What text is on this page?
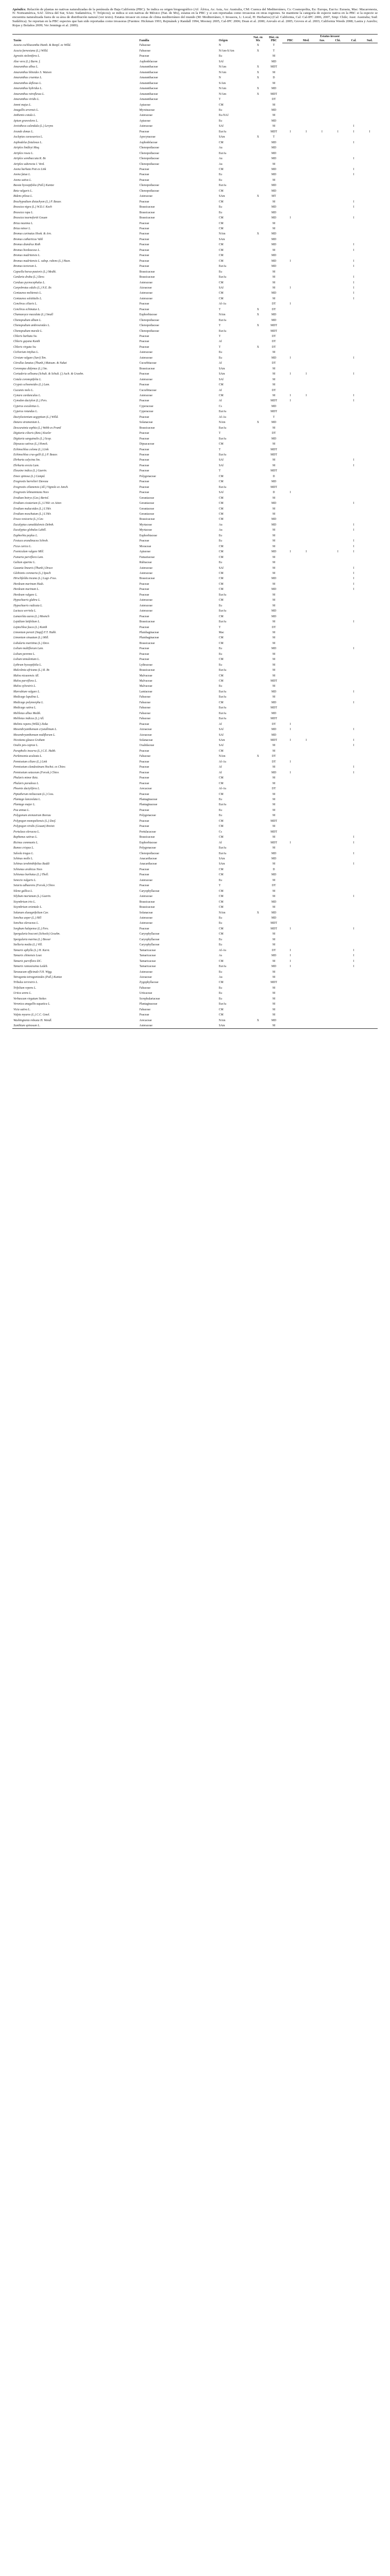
Apéndice. Relación de plantas no nativas naturalizadas de la península de Baja California (PBC). Se indica su origen biogeográfico (Af: África, As: Asia, Au: Australia, CM: Cuenca del Mediterráneo, Cs: Cosmopolita, Eu: Europa, EurAs: Eurasia, Mac: Macaronesia, N: Norteamérica, SAf: África del Sur, SAm: Sudamérica, T: Trópicos); se indica si son nativas de México (Nat. de Mx), estatus en la PBC y si son reportadas como invasoras en otras regiones. Se mantiene la categoría de especie nativa en la PBC si la especie se encuentra naturalizada fuera de su área de distribución natural (ver texto). Estatus invasor en zonas de clima mediterráneo del mundo (M: Mediterráneo, I: Invasora, L: Local, H: Herbarios) (Cal: California, Cal: Cal-IPC 2006, 2007, Sinp: Chile; Aust: Australia; Sud: Sudáfrica). Se reportan en la PBC especies que han sido reportadas como invasoras (Fuentes: Hickman 1993, Rejmánek y Randall 1994, Mooney 2005, Cal-IPC 2006; Dean et al. 2000; Arevalo et al. 2005; Groves et al. 2003; California Weeds 2008; Lastra y Aurelio; Rojas y Bolaños 2009; Ver Jennings et al. 2009).

Taxón	Familia	Origen	Nat. en Mx	Dist. en PBC	Estatus invasor					
					PBC	Med.	Aus.	Chi.	Cal.	Sud.
Acacia cochliacantha Humb. & Bonpl. ex Willd.	Fabaceae	N	X	T						
Acacia farnesiana (L.) Willd.	Fabaceae	N/Am-S/Am	X	T						
Agrostis stolonifera L.	Poaceae	Eu		M						
Aloe vera (L.) Burm. f.	Asphodelaceae	SAf		MD						
Amaranthus albus L.	Amaranthaceae	N/Am	X	MDT						
Amaranthus blitoides S. Watson	Amaranthaceae	N/Am	X	M						
Amaranthus cruentus L.	Amaranthaceae	N	X	D						
Amaranthus deflexus L.	Amaranthaceae	S/Am		M						
Amaranthus hybridus L.	Amaranthaceae	N/Am	X	MD						
Amaranthus retroflexus L.	Amaranthaceae	N/Am	X	MDT						
Amaranthus viridis L.	Amaranthaceae	T		DT						
Ammi majus L.	Apiaceae	CM		M						
Anagallis arvensis L.	Myrsinaceae	Eu		MD						
Anthemis cotula L.	Asteraceae	Eu-NAf		M						
Apium graveolens L.	Apiaceae	Eu		MD						
Arctotheca calendula (L.) Levyns	Asteraceae	SAf		M					I	
Arundo donax L.	Poaceae	EurAs		MDT	I	I	I	I	I	I
Asclepias curassavica L.	Apocynaceae	SAm	X	T						
Asphodelus fistulosus L.	Asphodelaceae	CM		MD					I	
Atriplex lindleyi Moq.	Chenopodiaceae	Au		MD						
Atriplex rosea L.	Chenopodiaceae	EurAs		MD						
Atriplex semibaccata R. Br.	Chenopodiaceae	Au		MD					I	
Atriplex suberecta I. Verd.	Chenopodiaceae	Au		M						
Avena barbata Pott ex Link	Poaceae	CM		MD					I	
Avena fatua L.	Poaceae	Eu		MD					I	
Avena sativa L.	Poaceae	Eu		M						
Bassia hyssopifolia (Pall.) Kuntze	Chenopodiaceae	EurAs		MD						
Beta vulgaris L.	Chenopodiaceae	CM		MD						
Bidens pilosa L.	Asteraceae	SAm	X	MT						
Brachypodium distachyon (L.) P. Beauv.	Poaceae	CM		M					I	
Brassica nigra (L.) W.D.J. Koch	Brassicaceae	Eu		MD					I	
Brassica rapa L.	Brassicaceae	Eu		MD						
Brassica tournefortii Gouan	Brassicaceae	CM		MD	I				I	
Briza maxima L.	Poaceae	CM		M						
Briza minor L.	Poaceae	CM		M						
Bromus carinatus Hook. & Arn.	Poaceae	NAm	X	MD						
Bromus catharticus Vahl	Poaceae	SAm		MD						
Bromus diandrus Roth	Poaceae	CM		MD					I	
Bromus hordeaceus L.	Poaceae	CM		M					I	
Bromus madritensis L.	Poaceae	CM		MD						
Bromus madritensis L. subsp. rubens (L.) Husn.	Poaceae	CM		MD	I				I	
Bromus tectorum L.	Poaceae	EurAs		MD					I	
Capsella bursa-pastoris (L.) Medik.	Brassicaceae	Eu		M						
Cardaria draba (L.) Desv.	Brassicaceae	EurAs		M					I	
Carduus pycnocephalus L.	Asteraceae	CM		M					I	
Carpobrotus edulis (L.) N.E. Br.	Aizoaceae	SAf		M	I				I	
Centaurea melitensis L.	Asteraceae	CM		MD					I	
Centaurea solstitialis L.	Asteraceae	CM		M					I	
Cenchrus ciliaris L.	Poaceae	Af-As		DT	I					
Cenchrus echinatus L.	Poaceae	T	X	DT						
Chamaesyce maculata (L.) Small	Euphorbiaceae	NAm	X	MD						
Chenopodium album L.	Chenopodiaceae	EurAs		MD						
Chenopodium ambrosioides L.	Chenopodiaceae	T	X	MDT						
Chenopodium murale L.	Chenopodiaceae	EurAs		MDT						
Chloris barbata Sw.	Poaceae	T		DT						
Chloris gayana Kunth	Poaceae	Af		DT						
Chloris virgata Sw.	Poaceae	T	X	DT						
Cichorium intybus L.	Asteraceae	Eu		M						
Cirsium vulgare (Savi) Ten.	Asteraceae	Eu		MD	I				I	
Citrullus lanatus (Thunb.) Matsum. & Nakai	Cucurbitaceae	Af		DT						
Coronopus didymus (L.) Sm.	Brassicaceae	SAm		M						
Cortaderia selloana (Schult. & Schult. f.) Asch. & Graebn.	Poaceae	SAm		M	I	I			I	
Cotula coronopifolia L.	Asteraceae	SAf		M						
Crypsis schoenoides (L.) Lam.	Poaceae	CM		M						
Cucumis melo L.	Cucurbitaceae	Af		DT						
Cynara cardunculus L.	Asteraceae	CM		M	I	I			I	
Cynodon dactylon (L.) Pers.	Poaceae	Af		MDT	I				I	
Cyperus esculentus L.	Cyperaceae	Cs		MD						
Cyperus rotundus L.	Cyperaceae	EurAs		MDT						
Dactyloctenium aegyptium (L.) Willd.	Poaceae	Af-As		T						
Datura stramonium L.	Solanaceae	NAm	X	MD						
Descurainia sophia (L.) Webb ex Prantl	Brassicaceae	EurAs		M						
Digitaria ciliaris (Retz.) Koeler	Poaceae	T		DT						
Digitaria sanguinalis (L.) Scop.	Poaceae	EurAs		MD						
Dipsacus sativus (L.) Honck.	Dipsacaceae	CM		M						
Echinochloa colona (L.) Link	Poaceae	T		MDT						
Echinochloa crus-galli (L.) P. Beauv.	Poaceae	EurAs		MDT						
Ehrharta calycina Sm.	Poaceae	SAf		M					I	
Ehrharta erecta Lam.	Poaceae	SAf		M					I	
Eleusine indica (L.) Gaertn.	Poaceae	T		MDT						
Emex spinosa (L.) Campd.	Polygonaceae	CM		D						
Eragrostis barrelieri Daveau	Poaceae	CM		MD						
Eragrostis cilianensis (All.) Vignolo ex Janch.	Poaceae	EurAs		MDT						
Eragrostis lehmanniana Nees	Poaceae	SAf		D	I					
Erodium botrys (Cav.) Bertol.	Geraniaceae	CM		M						
Erodium cicutarium (L.) L'Hér. ex Aiton	Geraniaceae	CM		MD					I	
Erodium malacoides (L.) L'Hér.	Geraniaceae	CM		M						
Erodium moschatum (L.) L'Hér.	Geraniaceae	CM		M						
Eruca vesicaria (L.) Cav.	Brassicaceae	CM		MD						
Eucalyptus camaldulensis Dehnh.	Myrtaceae	Au		MD					I	
Eucalyptus globulus Labill.	Myrtaceae	Au		M					I	
Euphorbia peplus L.	Euphorbiaceae	Eu		M						
Festuca arundinacea Schreb.	Poaceae	Eu		M					I	
Ficus carica L.	Moraceae	CM		M					I	
Foeniculum vulgare Mill.	Apiaceae	CM		MD	I	I		I	I	
Fumaria parviflora Lam.	Fumariaceae	CM		M						
Galium aparine L.	Rubiaceae	Eu		M						
Gazania linearis (Thunb.) Druce	Asteraceae	SAf		M					I	
Glebionis coronaria (L.) Spach	Asteraceae	CM		M					I	
Hirschfeldia incana (L.) Lagr.-Foss.	Brassicaceae	CM		MD					I	
Hordeum marinum Huds.	Poaceae	CM		M					I	
Hordeum murinum L.	Poaceae	CM		MD					I	
Hordeum vulgare L.	Poaceae	EurAs		M						
Hypochaeris glabra L.	Asteraceae	CM		M						
Hypochaeris radicata L.	Asteraceae	Eu		M						
Lactuca serriola L.	Asteraceae	EurAs		MD						
Lamarckia aurea (L.) Moench	Poaceae	CM		MD						
Lepidium latifolium L.	Brassicaceae	EurAs		M					I	
Leptochloa fusca (L.) Kunth	Poaceae	T		DT						
Limonium perezii (Stapf) F.T. Hubb.	Plumbaginaceae	Mac		M						
Limonium sinuatum (L.) Mill.	Plumbaginaceae	CM		M						
Lobularia maritima (L.) Desv.	Brassicaceae	CM		M						
Lolium multiflorum Lam.	Poaceae	Eu		MD					I	
Lolium perenne L.	Poaceae	Eu		M						
Lolium temulentum L.	Poaceae	CM		M						
Lythrum hyssopifolia L.	Lythraceae	Eu		M						
Malcolmia africana (L.) R. Br.	Brassicaceae	EurAs		M						
Malva nicaeensis All.	Malvaceae	CM		M						
Malva parviflora L.	Malvaceae	CM		MDT						
Malva sylvestris L.	Malvaceae	Eu		M						
Marrubium vulgare L.	Lamiaceae	EurAs		MD					I	
Medicago lupulina L.	Fabaceae	EurAs		M						
Medicago polymorpha L.	Fabaceae	CM		MD					I	
Medicago sativa L.	Fabaceae	EurAs		MDT						
Melilotus albus Medik.	Fabaceae	EurAs		MD						
Melilotus indicus (L.) All.	Fabaceae	EurAs		MDT						
Melinis repens (Willd.) Zizka	Poaceae	Af		DT	I					
Mesembryanthemum crystallinum L.	Aizoaceae	SAf		MD	I				I	
Mesembryanthemum nodiflorum L.	Aizoaceae	SAf		MD						
Nicotiana glauca Graham	Solanaceae	SAm		MDT	I	I			I	
Oxalis pes-caprae L.	Oxalidaceae	SAf		M					I	
Parapholis incurva (L.) C.E. Hubb.	Poaceae	CM		M						
Parkinsonia aculeata L.	Fabaceae	NAm	X	DT						
Pennisetum ciliare (L.) Link	Poaceae	Af-As		DT	I					
Pennisetum clandestinum Hochst. ex Chiov.	Poaceae	Af		M					I	
Pennisetum setaceum (Forssk.) Chiov.	Poaceae	Af		MD	I				I	
Phalaris minor Retz.	Poaceae	CM		M						
Phalaris paradoxa L.	Poaceae	CM		M						
Phoenix dactylifera L.	Arecaceae	Af-As		DT						
Piptatherum miliaceum (L.) Coss.	Poaceae	CM		M						
Plantago lanceolata L.	Plantaginaceae	Eu		M						
Plantago major L.	Plantaginaceae	EurAs		M						
Poa annua L.	Poaceae	Eu		M						
Polygonum arenastrum Boreau	Polygonaceae	Eu		M						
Polypogon monspeliensis (L.) Desf.	Poaceae	CM		MDT						
Polypogon viridis (Gouan) Breistr.	Poaceae	CM		M						
Portulaca oleracea L.	Portulacaceae	Cs		MDT						
Raphanus sativus L.	Brassicaceae	CM		M					I	
Ricinus communis L.	Euphorbiaceae	Af		MDT	I				I	
Rumex crispus L.	Polygonaceae	EurAs		M						
Salsola tragus L.	Chenopodiaceae	EurAs		MD					I	
Schinus molle L.	Anacardiaceae	SAm		MD						
Schinus terebinthifolius Raddi	Anacardiaceae	SAm		M					I	
Schismus arabicus Nees	Poaceae	CM		D						
Schismus barbatus (L.) Thell.	Poaceae	CM		MD						
Senecio vulgaris L.	Asteraceae	Eu		M						
Setaria adhaerens (Forssk.) Chiov.	Poaceae	T		DT						
Silene gallica L.	Caryophyllaceae	CM		M						
Silybum marianum (L.) Gaertn.	Asteraceae	CM		M					I	
Sisymbrium irio L.	Brassicaceae	CM		MD						
Sisymbrium orientale L.	Brassicaceae	CM		M						
Solanum elaeagnifolium Cav.	Solanaceae	NAm	X	MD						
Sonchus asper (L.) Hill	Asteraceae	Eu		MD						
Sonchus oleraceus L.	Asteraceae	Eu		MDT						
Sorghum halepense (L.) Pers.	Poaceae	CM		MDT	I				I	
Spergularia bocconi (Scheele) Graebn.	Caryophyllaceae	CM		M						
Spergularia marina (L.) Besser	Caryophyllaceae	Eu		M						
Stellaria media (L.) Vill.	Caryophyllaceae	Eu		M						
Tamarix aphylla (L.) H. Karst.	Tamaricaceae	Af-As		DT	I				I	
Tamarix chinensis Lour.	Tamaricaceae	As		MD	I				I	
Tamarix parviflora DC.	Tamaricaceae	CM		M	I				I	
Tamarix ramosissima Ledeb.	Tamaricaceae	EurAs		MD	I				I	
Taraxacum officinale F.H. Wigg.	Asteraceae	Eu		M						
Tetragonia tetragonioides (Pall.) Kuntze	Aizoaceae	Au		M						
Tribulus terrestris L.	Zygophyllaceae	CM		MDT						
Trifolium repens L.	Fabaceae	Eu		M						
Urtica urens L.	Urticaceae	Eu		M						
Verbascum virgatum Stokes	Scrophulariaceae	Eu		M						
Veronica anagallis-aquatica L.	Plantaginaceae	EurAs		M						
Vicia sativa L.	Fabaceae	CM		M						
Vulpia myuros (L.) C.C. Gmel.	Poaceae	CM		M						
Washingtonia robusta H. Wendl.	Arecaceae	NAm	X	MD						
Xanthium spinosum L.	Asteraceae	SAm		M						
